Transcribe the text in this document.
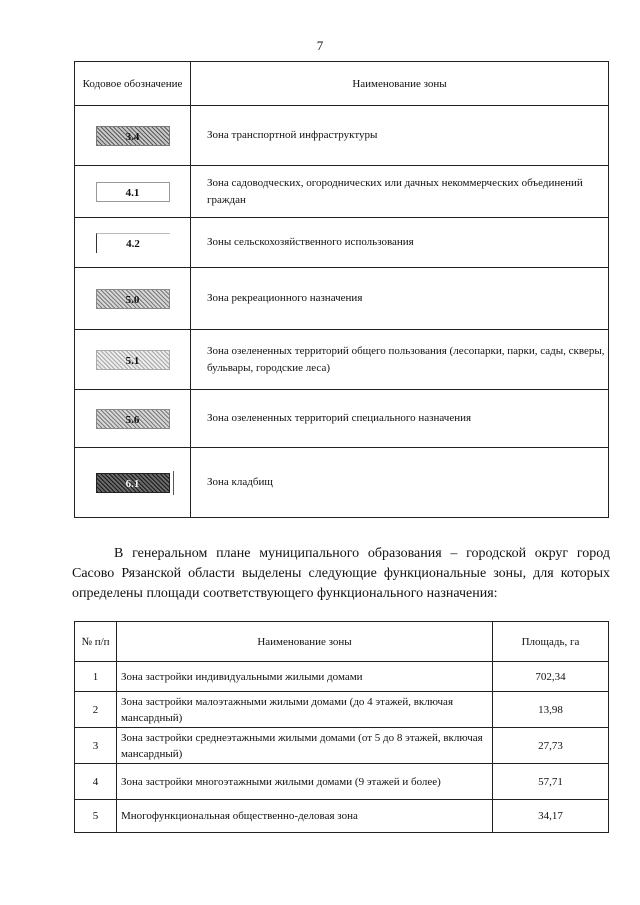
7
Кодовое обозначение	Наименование зоны
3.4	Зона транспортной инфраструктуры
4.1	Зона садоводческих, огороднических или дачных некоммерческих объединений граждан
4.2	Зоны сельскохозяйственного использования
5.0	Зона рекреационного назначения
5.1	Зона озелененных территорий общего пользования (лесопарки, парки, сады, скверы, бульвары, городские леса)
5.6	Зона озелененных территорий специального назначения
6.1	Зона кладбищ

В генеральном плане муниципального образования – городской округ город Сасово Рязанской области выделены следующие функциональные зоны, для которых определены площади соответствующего функционального назначения:

№ п/п	Наименование зоны	Площадь, га
1	Зона застройки индивидуальными жилыми домами	702,34
2	Зона застройки малоэтажными жилыми домами (до 4 этажей, включая мансардный)	13,98
3	Зона застройки среднеэтажными жилыми домами (от 5 до 8 этажей, включая мансардный)	27,73
4	Зона застройки многоэтажными жилыми домами (9 этажей и более)	57,71
5	Многофункциональная общественно-деловая зона	34,17
